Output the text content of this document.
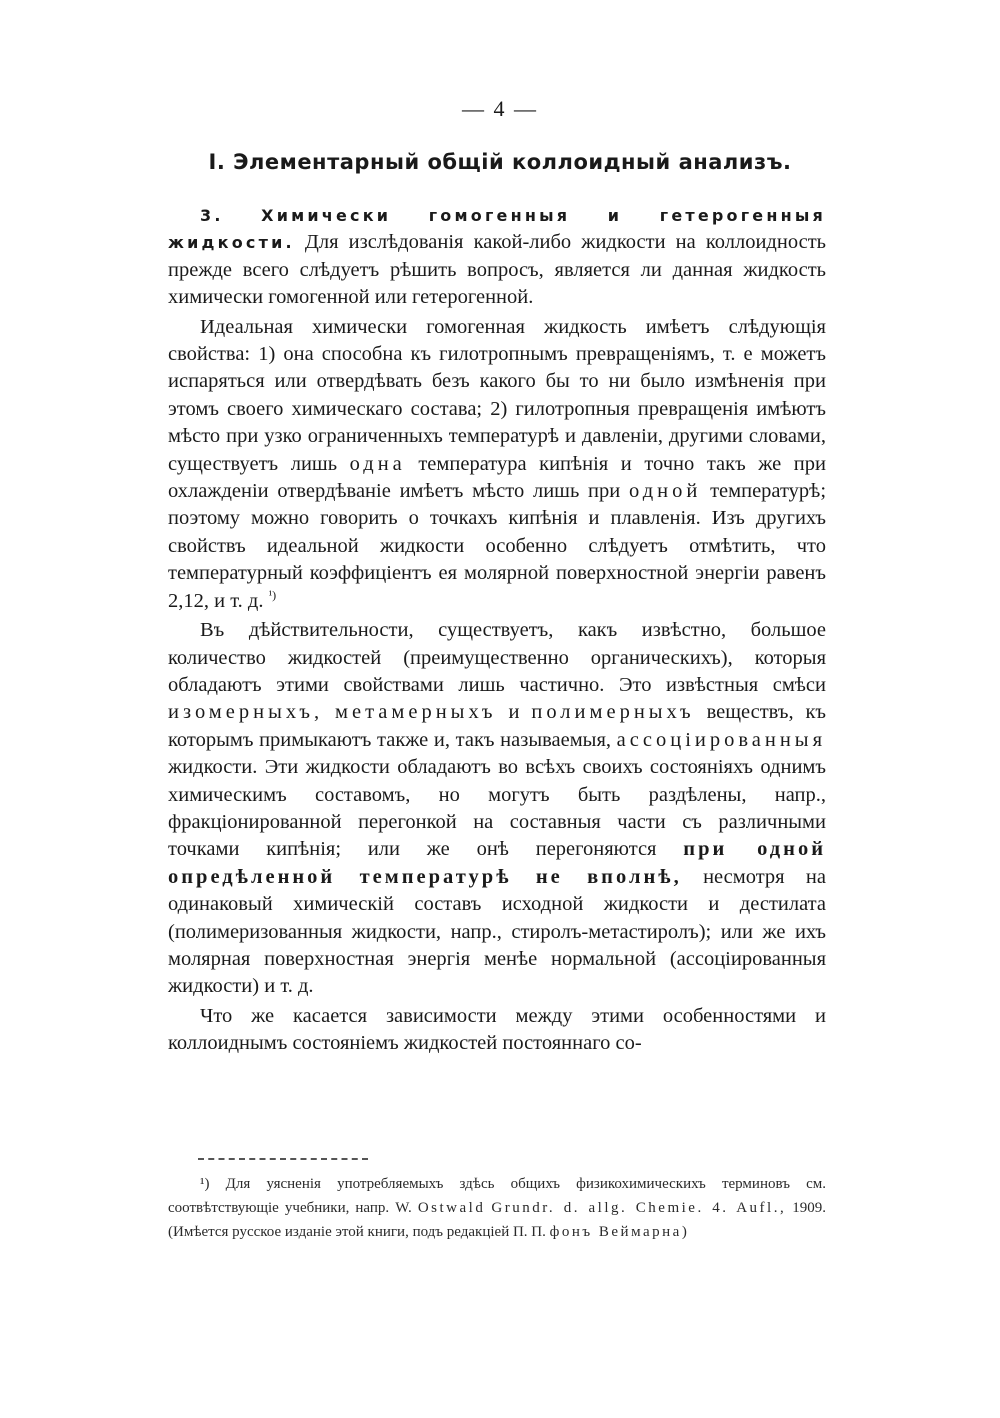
— 4 —
I. Элементарный общій коллоидный анализъ.

3. Химически гомогенныя и гетерогенныя жидкости. Для изслѣдованія какой-либо жидкости на коллоидность прежде всего слѣдуетъ рѣшить вопросъ, является ли данная жидкость химически гомогенной или гетерогенной.

Идеальная химически гомогенная жидкость имѣетъ слѣдующія свойства: 1) она способна къ гилотропнымъ превращеніямъ, т. е можетъ испаряться или отвердѣвать безъ какого бы то ни было измѣненія при этомъ своего химическаго состава; 2) гилотропныя превращенія имѣютъ мѣсто при узко ограниченныхъ температурѣ и давленіи, другими словами, существуетъ лишь одна температура кипѣнія и точно такъ же при охлажденіи отвердѣваніе имѣетъ мѣсто лишь при одной температурѣ; поэтому можно говорить о точкахъ кипѣнія и плавленія. Изъ другихъ свойствъ идеальной жидкости особенно слѣдуетъ отмѣтить, что температурный коэффиціентъ ея молярной поверхностной энергіи равенъ 2,12, и т. д. $^{^1)}$

Въ дѣйствительности, существуетъ, какъ извѣстно, большое количество жидкостей (преимущественно органическихъ), которыя обладаютъ этими свойствами лишь частично. Это извѣстныя смѣси изомерныхъ, метамерныхъ и полимерныхъ веществъ, къ которымъ примыкаютъ также и, такъ называемыя, ассоціированныя жидкости. Эти жидкости обладаютъ во всѣхъ своихъ состояніяхъ однимъ химическимъ составомъ, но могутъ быть раздѣлены, напр., фракціонированной перегонкой на составныя части съ различными точками кипѣнія; или же онѣ перегоняются при одной опредѣленной температурѣ не вполнѣ, несмотря на одинаковый химическій составъ исходной жидкости и дестилата (полимеризованныя жидкости, напр., стиролъ-метастиролъ); или же ихъ молярная поверхностная энергія менѣе нормальной (ассоціированныя жидкости) и т. д.

Что же касается зависимости между этими особенностями и коллоиднымъ состояніемъ жидкостей постояннаго со-

¹) Для уясненія употребляемыхъ здѣсь общихъ физикохимическихъ терминовъ см. соотвѣтствующіе учебники, напр. W. Ostwald Grundr. d. allg. Chemie. 4. Aufl., 1909. (Имѣется русское изданіе этой книги, подъ редакціей П. П. фонъ Веймарна)
